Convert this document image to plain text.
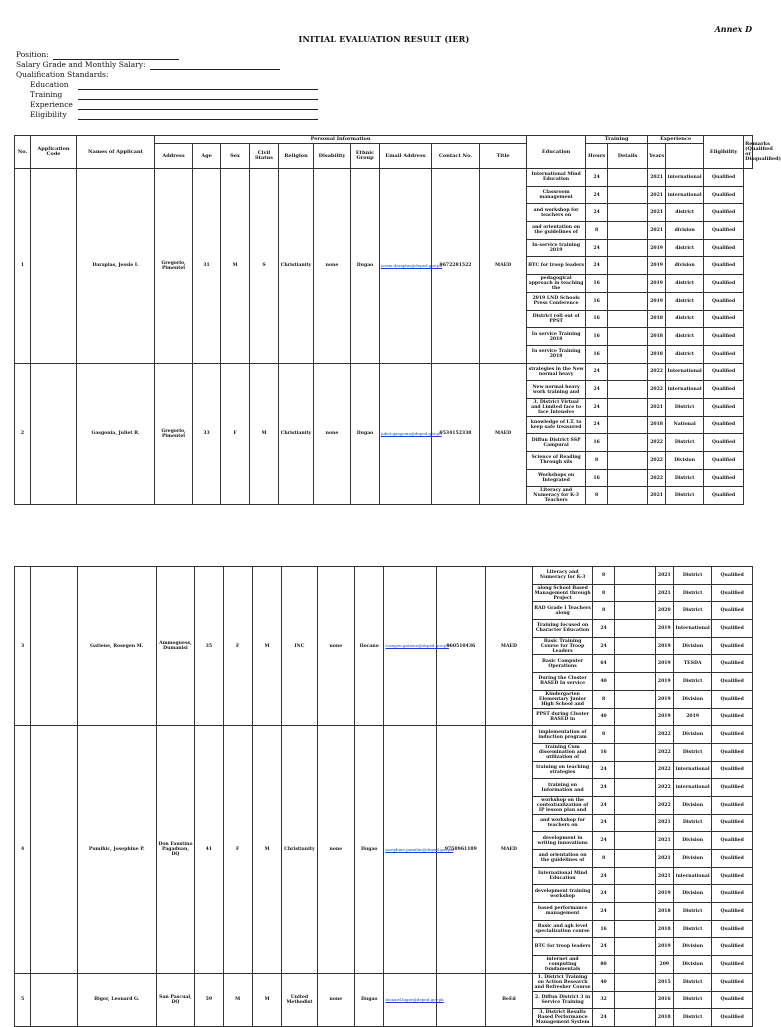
Annex D
INITIAL EVALUATION RESULT (IER)
Position:
Salary Grade and Monthly Salary:
Qualification Standards:
Education
Training
Experience
Eligibility
No.	Application Code	Names of Applicant	Personal Information										Education	Training		Experience		Eligibility	Remarks (Qualified or Disqualified)
			Address	Age	Sex	Civil Status	Religion	Disability	Ethnic Group	Email Address	Contact No.	Title		Hours	Details	Years			
1		Daraplas, Jessie I.	Gregorio, Pimentel	31	M	S	Christianity	none	Ilugao	jessie.daraplas@deped.gov.ph	9672281522	MAED	International Mind Education	24		2021	international	Qualified	
													Classroom management	24		2021	international	Qualified	
													and workshop for teachers on	24		2021	district	Qualified	
													and orientation on the guidelines of	8		2021	division	Qualified	
													In-service training 2019	24		2019	district	Qualified	
													BTC for troop leaders	24		2019	division	Qualified	
													pedagogical approach in teaching the	16		2019	district	Qualified	
													2019 LND Schools Press Conference	16		2019	district	Qualified	
													District roll out of PPST	16		2018	district	Qualified	
													In service Training 2018	16		2018	district	Qualified	
													In service Training 2018	16		2018	district	Qualified	
2		Gasgonia, Juliet R.	Gregorio, Pimentel	33	F	M	Christianity	none	Ilugao	juliet.gasgonia@deped.gov.ph	9534152338	MAED	strategies in the New normal heavy	24		2022	International	Qualified	
													New normal heavy work training and	24		2022	international	Qualified	
													3. District Virtual and Limited face to face Intensive	24		2021	District	Qualified	
													knowledge of I.T. to keep safe treasured	24		2018	National	Qualified	
													Diffun District SSP Campural	16		2022	District	Qualified	
													Science of Reading Through sils	8		2022	Division	Qualified	
													Workshops on Integrated	16		2022	District	Qualified	
													Literacy and Numeracy for K-3 Teachers	8		2021	District	Qualified	
3		Gatiene, Rosegen M.	Ammoguess, Dumanisi	35	F	M	INC	none	Ilocano	rosegen.gatiene@deped.gov.ph	960510436	MAED	Literacy and Numeracy for K-3	8		2021	District	Qualified
													along School Based Management through Project	8		2021	District	Qualified
													RAD Grade I Teachers along	8		2020	District	Qualified
													Training focused on Character Education	24		2019	International	Qualified
													Basic Training Course for Troop Leaders	24		2019	Division	Qualified
													Basic Computer Operations	64		2019	TESDA	Qualified
													During the Cluster BASED In service	40		2019	District	Qualified
													Kindergarten Elementary Junior High School and	8		2019	Division	Qualified
													PPST during Cluster BASED in	40		2019	2019	Qualified
4		Pumihic, Josephine P.	Don Faustino Pagaduan, DQ	41	F	M	Christianity	none	Ilugao	josephine.pumihic@deped.gov.ph	9758961189	MAED	implementation of induction program	8		2022	Division	Qualified
													training Cum dissemination and utilization of	16		2022	District	Qualified
													training on teaching strategies	24		2022	international	Qualified
													training on Information and	24		2022	international	Qualified
													workshop on the contextualization of IP lesson plan and	24		2022	Division	Qualified
													and workshop for teachers on	24		2021	District	Qualified
													development in writing innovations	24		2021	Division	Qualified
													and orientation on the guidelines of	8		2021	Division	Qualified
													International Mind Education	24		2021	international	Qualified
													development training workshop	24		2019	Division	Qualified
													based performance management	24		2018	District	Qualified
													Basic and agk level specialization course	16		2018	District	Qualified
													BTC for troop leaders	24		2019	Division	Qualified
													internet and computing fundamentals	80		209	Division	Qualified
5		Bigor, Leonard G.	San Pascual, DQ	59	M	M	United Methodist	none	Ilugao	leonard.bigor@deped.gov.ph		BeEd	1. District Training on Action Research and Refresher Course	40		2015	District	Qualified
													2. Diffun District 3 in Service Training	32		2016	District	Qualified
													3. District Results Based Performance Management System	24		2018	District	Qualified
